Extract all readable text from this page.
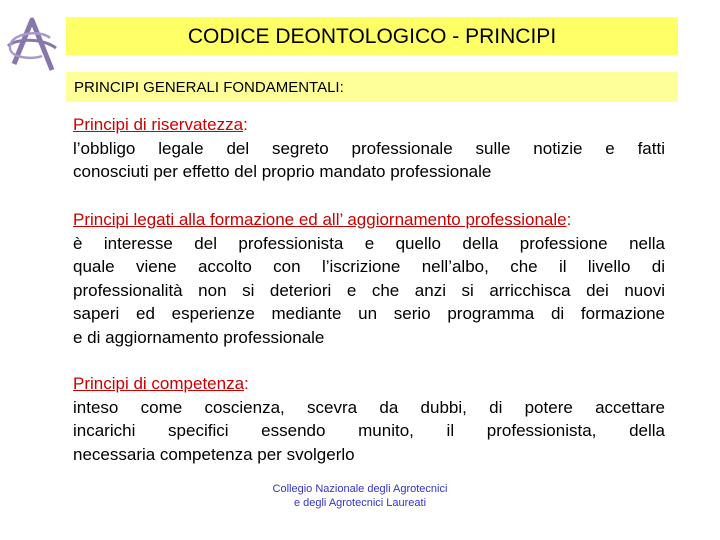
CODICE DEONTOLOGICO - PRINCIPI
PRINCIPI GENERALI FONDAMENTALI:
Principi di riservatezza:
l’obbligo legale del segreto professionale sulle notizie e fatti
conosciuti per effetto del proprio mandato professionale
Principi legati alla formazione ed all’ aggiornamento professionale:
è interesse del professionista e quello della professione nella
quale viene accolto con l’iscrizione nell’albo, che il livello di
professionalità non si deteriori e che anzi si arricchisca dei nuovi
saperi ed esperienze mediante un serio programma di formazione
e di aggiornamento professionale
Principi di competenza:
inteso come coscienza, scevra da dubbi, di potere accettare
incarichi specifici essendo munito, il professionista, della
necessaria competenza per svolgerlo
Collegio Nazionale degli Agrotecnici
e degli Agrotecnici Laureati
